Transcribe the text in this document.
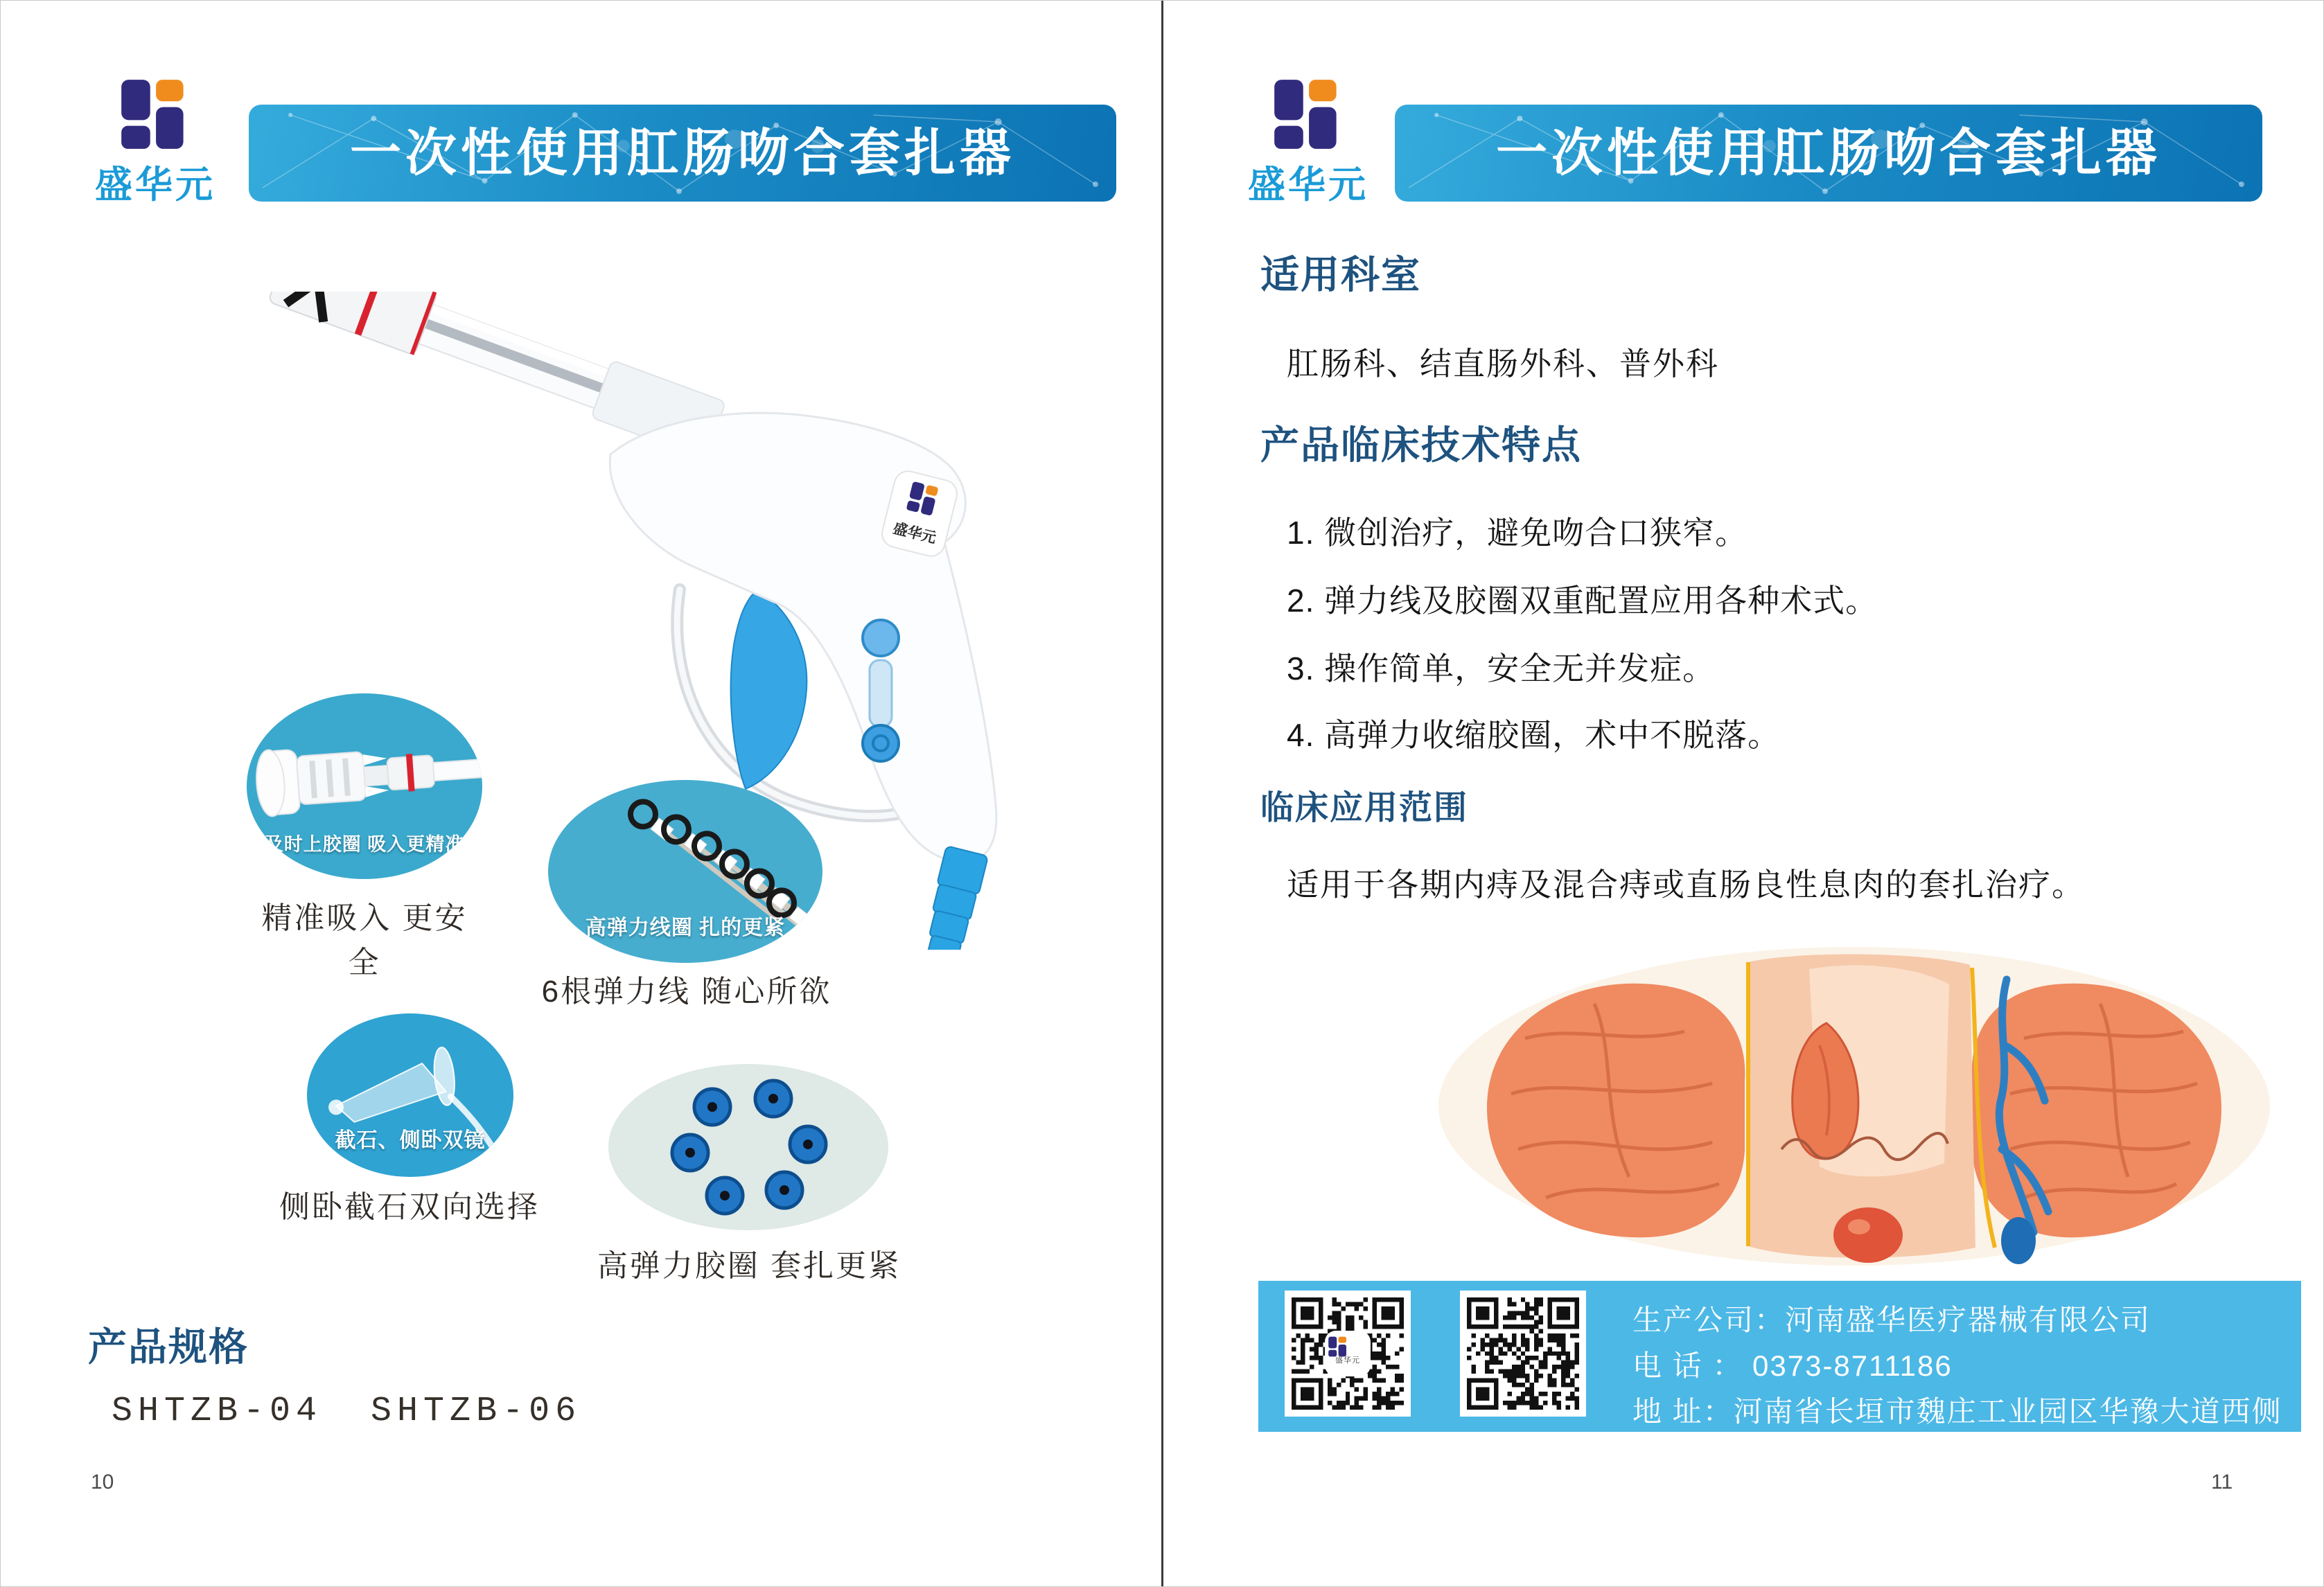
盛华元
一次性使用肛肠吻合套扎器
盛华元
及时上胶圈 吸入更精准
精准吸入 更安全
高弹力线圈 扎的更紧
6根弹力线 随心所欲
截石、侧卧双镜
侧卧截石双向选择
高弹力胶圈 套扎更紧
产品规格
SHTZB-04 SHTZB-06
10
盛华元
一次性使用肛肠吻合套扎器
适用科室
肛肠科、结直肠外科、普外科
产品临床技术特点
1. 微创治疗，避免吻合口狭窄。
2. 弹力线及胶圈双重配置应用各种术式。
3. 操作简单，安全无并发症。
4. 高弹力收缩胶圈，术中不脱落。
临床应用范围
适用于各期内痔及混合痔或直肠良性息肉的套扎治疗。
盛华元
生产公司：河南盛华医疗器械有限公司
电 话 ： 0373-8711186
地 址：河南省长垣市魏庄工业园区华豫大道西侧
11
